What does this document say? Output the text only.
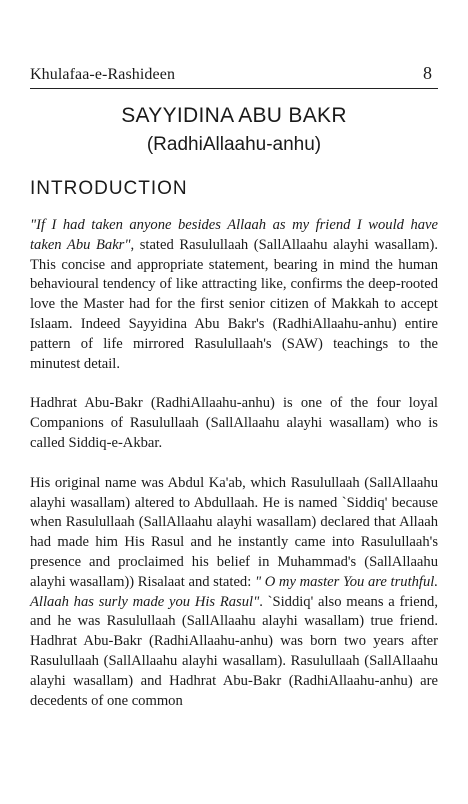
Khulafaa-e-Rashideen	8
SAYYIDINA ABU BAKR
(RadhiAllaahu-anhu)
INTRODUCTION

"If I had taken anyone besides Allaah as my friend I would have taken Abu Bakr", stated Rasulullaah (SallAllaahu alayhi wasallam). This concise and appropriate statement, bearing in mind the human behavioural tendency of like attracting like, confirms the deep-rooted love the Master had for the first senior citizen of Makkah to accept Islaam. Indeed Sayyidina Abu Bakr's (RadhiAllaahu-anhu) entire pattern of life mirrored Rasulullaah's (SAW) teachings to the minutest detail.

Hadhrat Abu-Bakr (RadhiAllaahu-anhu) is one of the four loyal Companions of Rasulullaah (SallAllaahu alayhi wasallam) who is called Siddiq-e-Akbar.

His original name was Abdul Ka'ab, which Rasulullaah (SallAllaahu alayhi wasallam) altered to Abdullaah. He is named `Siddiq' because when Rasulullaah (SallAllaahu alayhi wasallam) declared that Allaah had made him His Rasul and he instantly came into Rasulullaah's presence and proclaimed his belief in Muhammad's (SallAllaahu alayhi wasallam)) Risalaat and stated: " O my master You are truthful. Allaah has surly made you His Rasul". `Siddiq' also means a friend, and he was Rasulullaah (SallAllaahu alayhi wasallam) true friend. Hadhrat Abu-Bakr (RadhiAllaahu-anhu) was born two years after Rasulullaah (SallAllaahu alayhi wasallam). Rasulullaah (SallAllaahu alayhi wasallam) and Hadhrat Abu-Bakr (RadhiAllaahu-anhu) are decedents of one common
